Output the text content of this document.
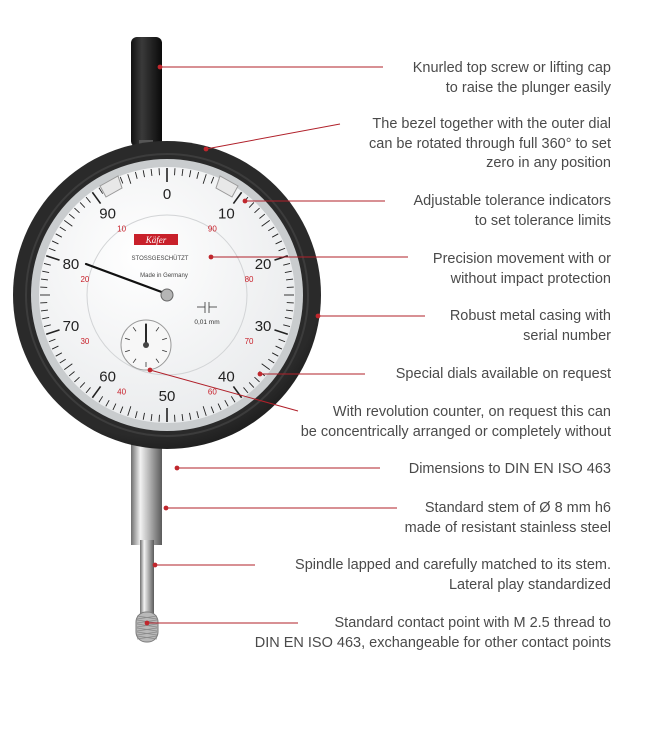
10
20
30
40
50
60
70
80
90
90
80
70
60
40
30
20
10
Käfer
STOSSGESCHÜTZT
Made in Germany
0
0,01 mm
Knurled top screw or lifting cap
to raise the plunger easily
The bezel together with the outer dial
can be rotated through full 360° to set
zero in any position
Adjustable tolerance indicators
to set tolerance limits
Precision movement with or
without impact protection
Robust metal casing with
serial number
Special dials available on request
With revolution counter, on request this can
be concentrically arranged or completely without
Dimensions to DIN EN ISO 463
Standard stem of Ø 8 mm h6
made of resistant stainless steel
Spindle lapped and carefully matched to its stem.
Lateral play standardized
Standard contact point with M 2.5 thread to
DIN EN ISO 463, exchangeable for other contact points
